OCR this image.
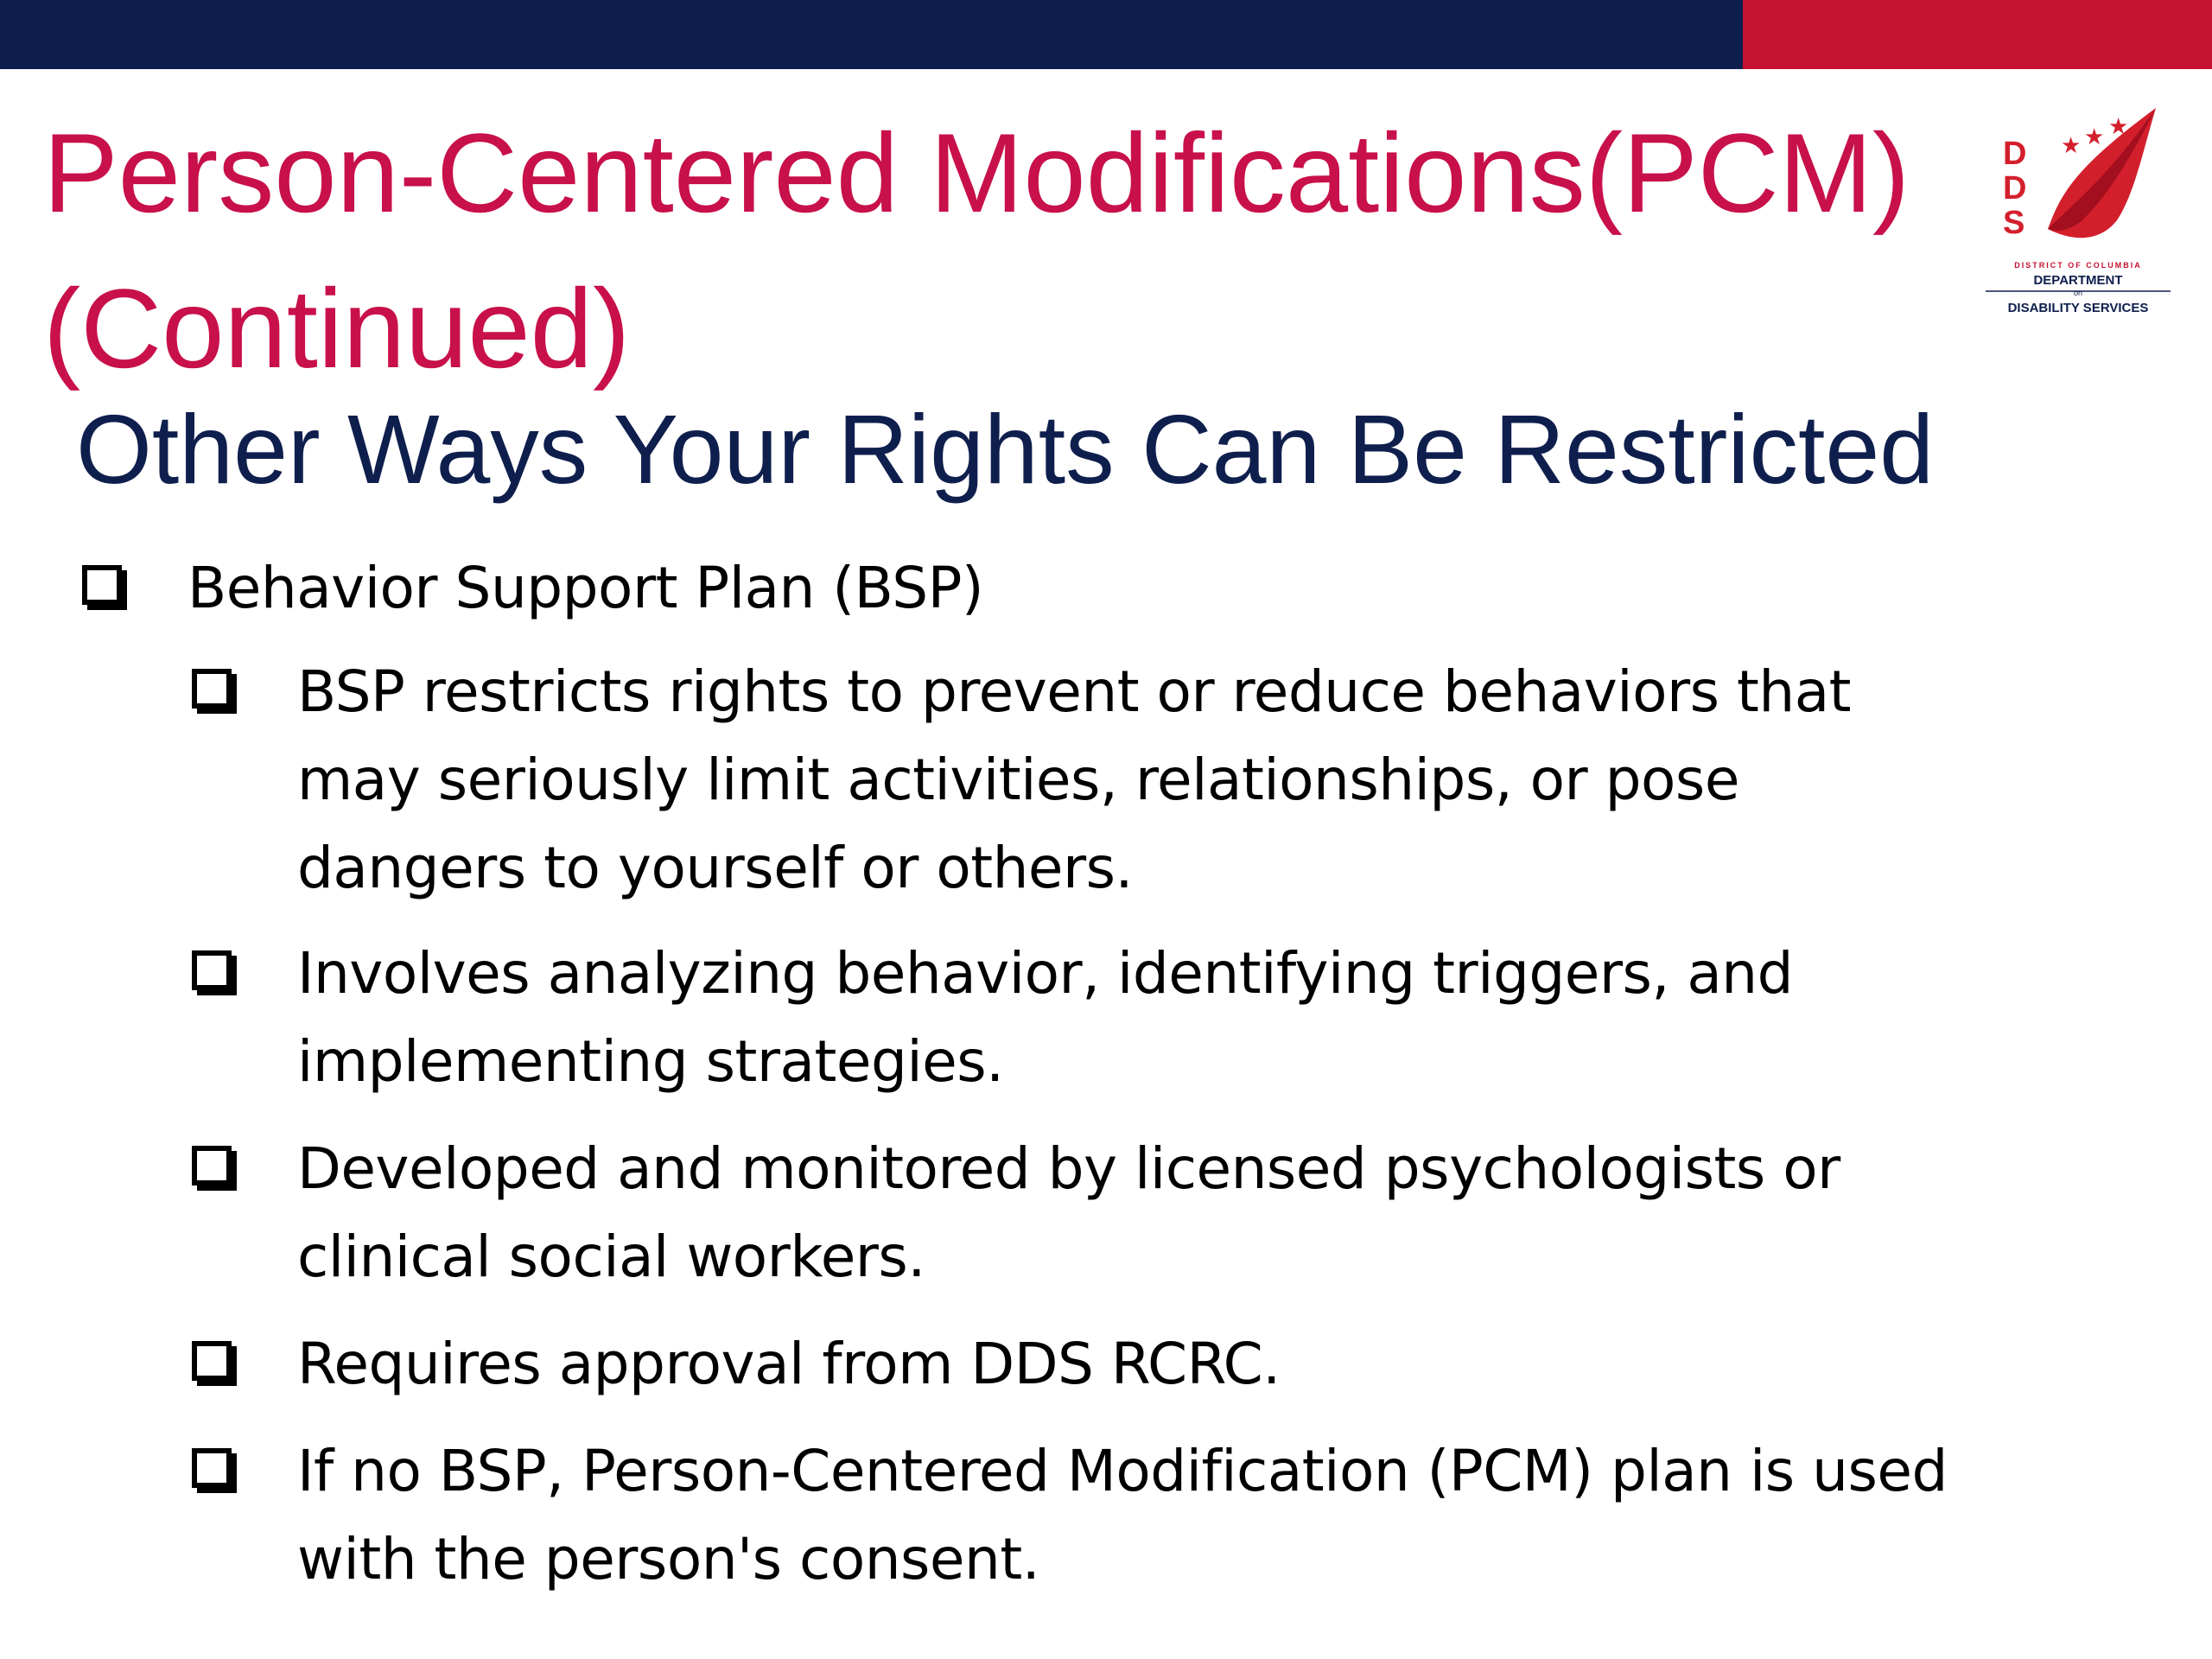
Person-Centered Modifications(PCM)
(Continued)
Other Ways Your Rights Can Be Restricted
★ ★ ★
D
D
S
DISTRICT OF COLUMBIA
DEPARTMENT
on
DISABILITY SERVICES
Behavior Support Plan (BSP)
BSP restricts rights to prevent or reduce behaviors that
may seriously limit activities, relationships, or pose
dangers to yourself or others.
Involves analyzing behavior, identifying triggers, and
implementing strategies.
Developed and monitored by licensed psychologists or
clinical social workers.
Requires approval from DDS RCRC.
If no BSP, Person-Centered Modification (PCM) plan is used
with the person's consent.
